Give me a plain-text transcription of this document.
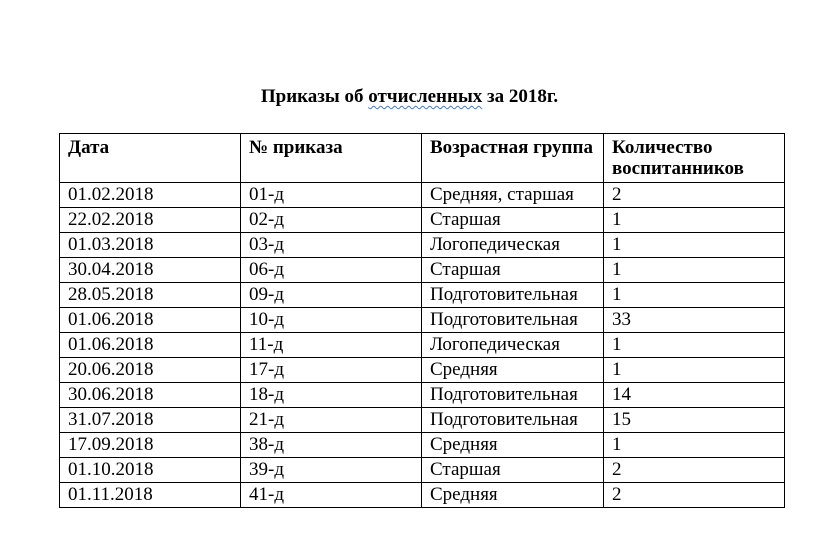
Приказы об отчисленных за 2018г.
Дата	№ приказа	Возрастная группа	Количество воспитанников
01.02.2018	01-д	Средняя, старшая	2
22.02.2018	02-д	Старшая	1
01.03.2018	03-д	Логопедическая	1
30.04.2018	06-д	Старшая	1
28.05.2018	09-д	Подготовительная	1
01.06.2018	10-д	Подготовительная	33
01.06.2018	11-д	Логопедическая	1
20.06.2018	17-д	Средняя	1
30.06.2018	18-д	Подготовительная	14
31.07.2018	21-д	Подготовительная	15
17.09.2018	38-д	Средняя	1
01.10.2018	39-д	Старшая	2
01.11.2018	41-д	Средняя	2
